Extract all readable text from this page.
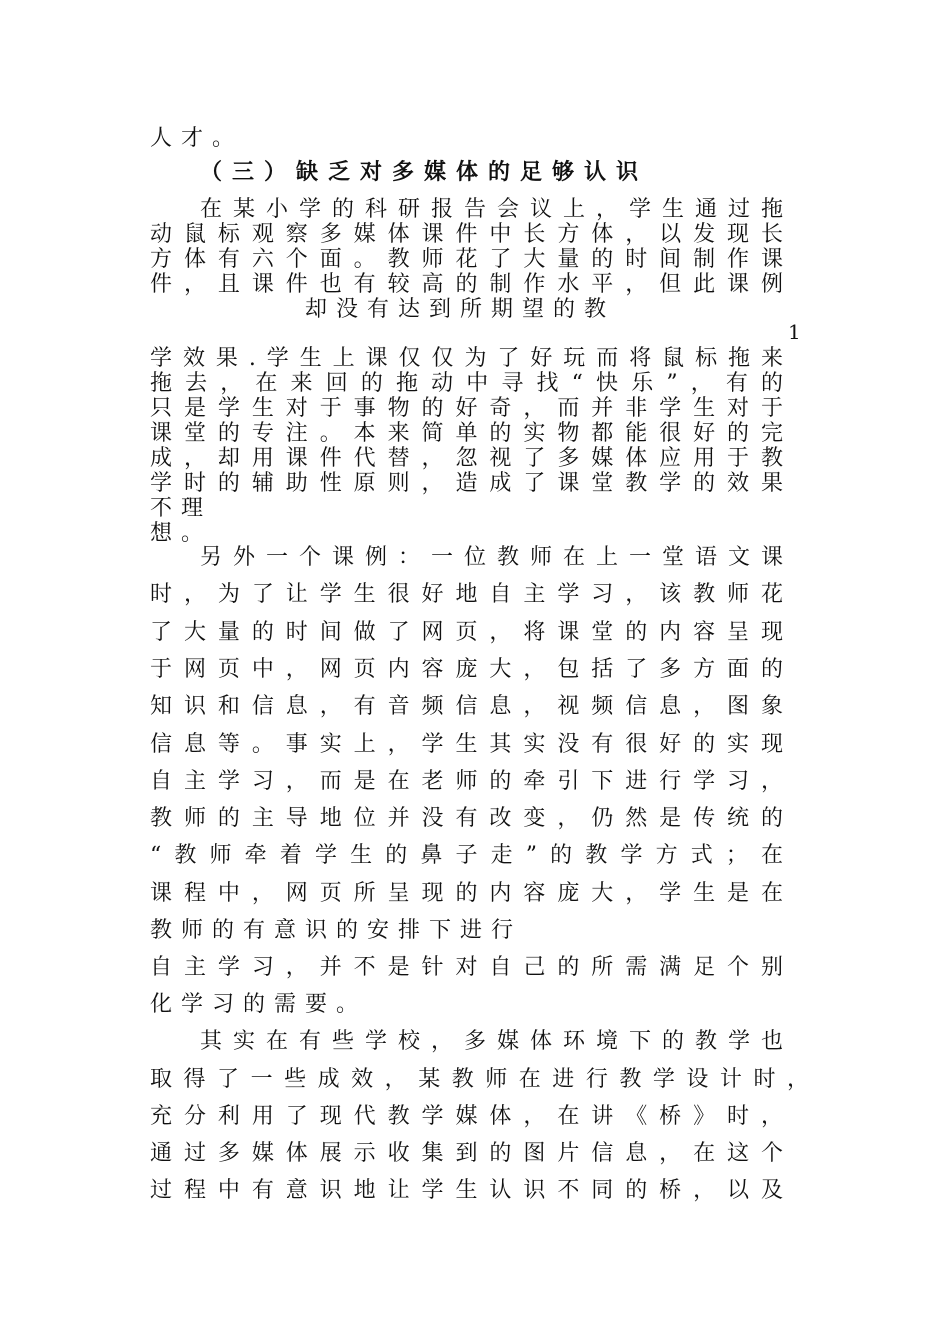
人才。
（三）缺乏对多媒体的足够认识
在某小学的科研报告会议上，学生通过拖
动鼠标观察多媒体课件中长方体，以发现长
方体有六个面。教师花了大量的时间制作课
件，且课件也有较高的制作水平，但此课例
却没有达到所期望的教
1
学效果.学生上课仅仅为了好玩而将鼠标拖来
拖去，在来回的拖动中寻找“快乐”，有的
只是学生对于事物的好奇，而并非学生对于
课堂的专注。本来简单的实物都能很好的完
成，却用课件代替，忽视了多媒体应用于教
学时的辅助性原则，造成了课堂教学的效果
不理
想。
另外一个课例：一位教师在上一堂语文课
时，为了让学生很好地自主学习，该教师花
了大量的时间做了网页，将课堂的内容呈现
于网页中，网页内容庞大，包括了多方面的
知识和信息，有音频信息，视频信息，图象
信息等。事实上，学生其实没有很好的实现
自主学习，而是在老师的牵引下进行学习，
教师的主导地位并没有改变，仍然是传统的
“教师牵着学生的鼻子走”的教学方式；在
课程中，网页所呈现的内容庞大，学生是在
教师的有意识的安排下进行
自主学习，并不是针对自己的所需满足个别
化学习的需要。
其实在有些学校，多媒体环境下的教学也
取得了一些成效，某教师在进行教学设计时，
充分利用了现代教学媒体，在讲《桥》时，
通过多媒体展示收集到的图片信息，在这个
过程中有意识地让学生认识不同的桥，以及
